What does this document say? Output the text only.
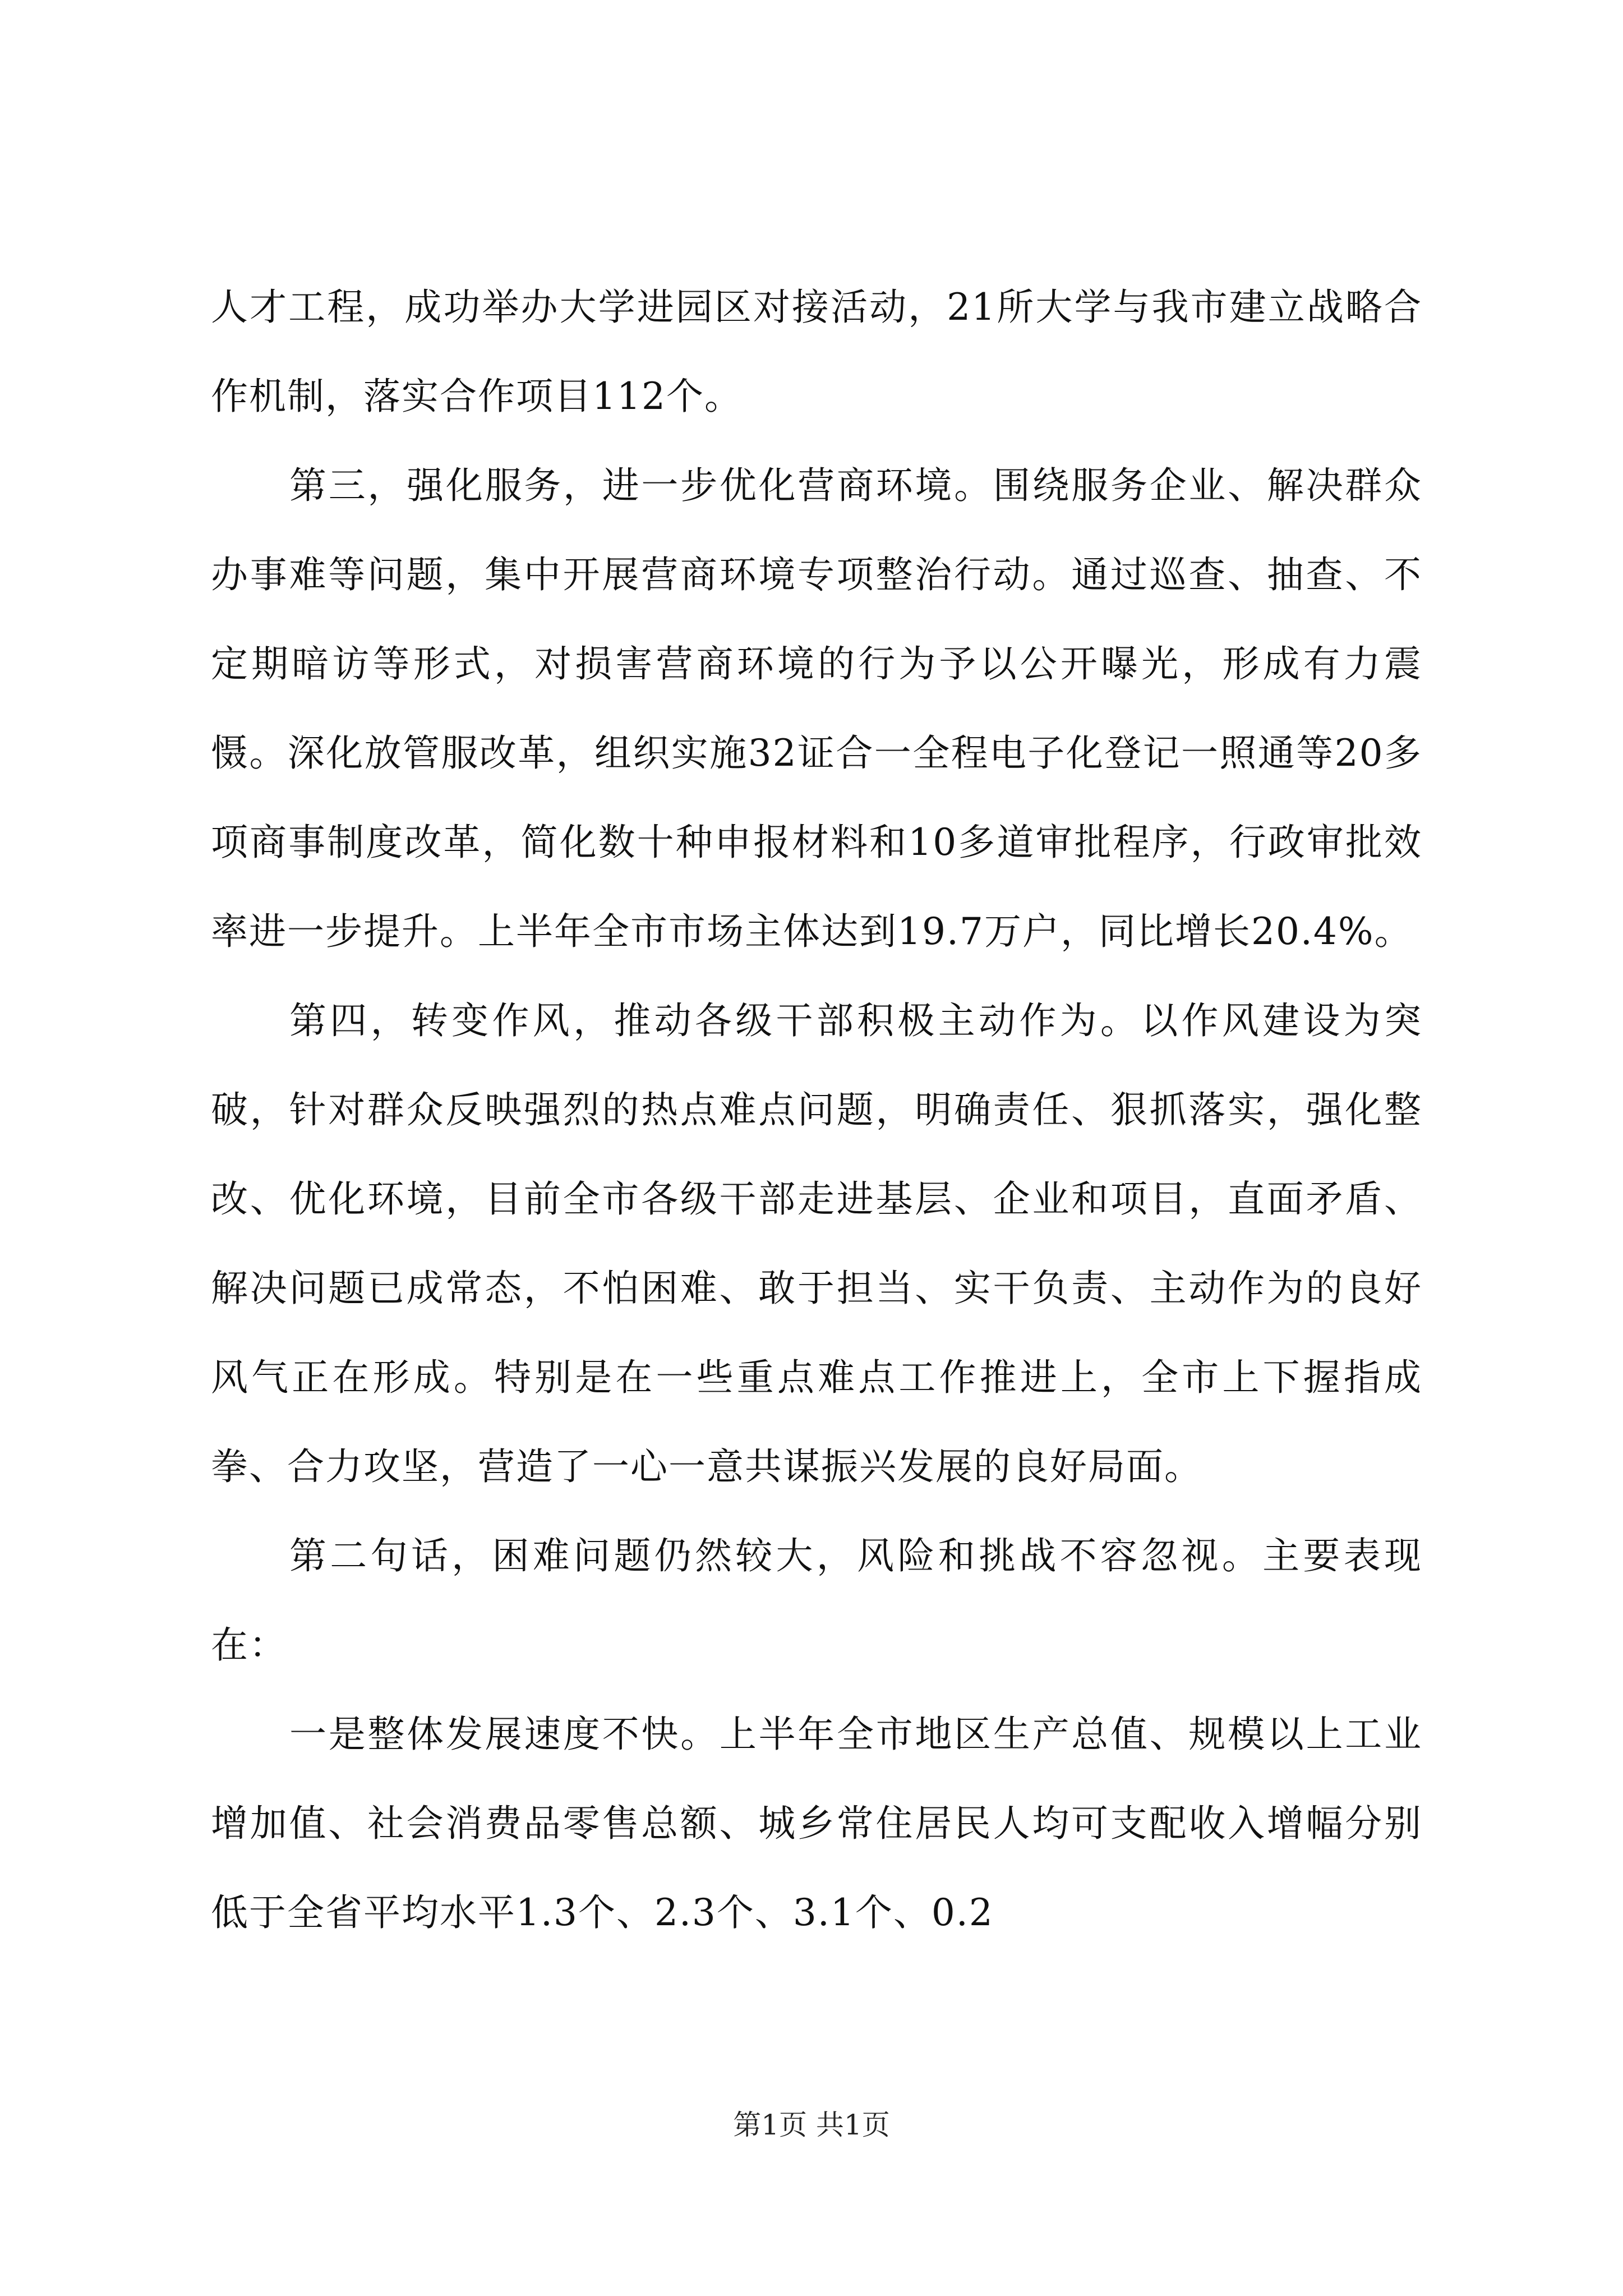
人才工程，成功举办大学进园区对接活动，21所大学与我市建立战略合作机制，落实合作项目112个。

第三，强化服务，进一步优化营商环境。围绕服务企业、解决群众办事难等问题，集中开展营商环境专项整治行动。通过巡查、抽查、不定期暗访等形式，对损害营商环境的行为予以公开曝光，形成有力震慑。深化放管服改革，组织实施32证合一全程电子化登记一照通等20多项商事制度改革，简化数十种申报材料和10多道审批程序，行政审批效率进一步提升。上半年全市市场主体达到19.7万户，同比增长20.4%。

第四，转变作风，推动各级干部积极主动作为。以作风建设为突破，针对群众反映强烈的热点难点问题，明确责任、狠抓落实，强化整改、优化环境，目前全市各级干部走进基层、企业和项目，直面矛盾、解决问题已成常态，不怕困难、敢于担当、实干负责、主动作为的良好风气正在形成。特别是在一些重点难点工作推进上，全市上下握指成拳、合力攻坚，营造了一心一意共谋振兴发展的良好局面。

第二句话，困难问题仍然较大，风险和挑战不容忽视。主要表现在：

一是整体发展速度不快。上半年全市地区生产总值、规模以上工业增加值、社会消费品零售总额、城乡常住居民人均可支配收入增幅分别低于全省平均水平1.3个、2.3个、3.1个、0.2

第1页 共1页
